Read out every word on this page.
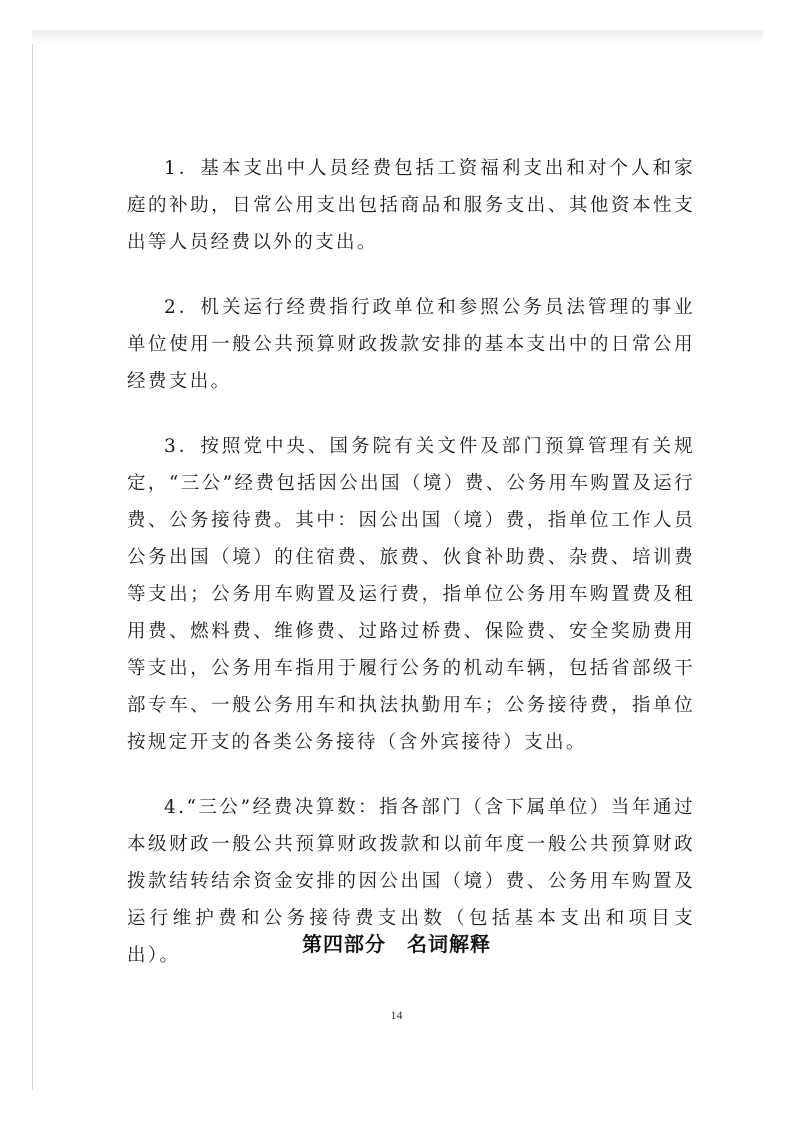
1．基本支出中人员经费包括工资福利支出和对个人和家庭的补助，日常公用支出包括商品和服务支出、其他资本性支出等人员经费以外的支出。

2．机关运行经费指行政单位和参照公务员法管理的事业单位使用一般公共预算财政拨款安排的基本支出中的日常公用经费支出。

3．按照党中央、国务院有关文件及部门预算管理有关规定，“三公”经费包括因公出国（境）费、公务用车购置及运行费、公务接待费。其中：因公出国（境）费，指单位工作人员公务出国（境）的住宿费、旅费、伙食补助费、杂费、培训费等支出；公务用车购置及运行费，指单位公务用车购置费及租用费、燃料费、维修费、过路过桥费、保险费、安全奖励费用等支出，公务用车指用于履行公务的机动车辆，包括省部级干部专车、一般公务用车和执法执勤用车；公务接待费，指单位按规定开支的各类公务接待（含外宾接待）支出。

4.“三公”经费决算数：指各部门（含下属单位）当年通过本级财政一般公共预算财政拨款和以前年度一般公共预算财政拨款结转结余资金安排的因公出国（境）费、公务用车购置及运行维护费和公务接待费支出数（包括基本支出和项目支出）。	第四部分　名词解释
14
